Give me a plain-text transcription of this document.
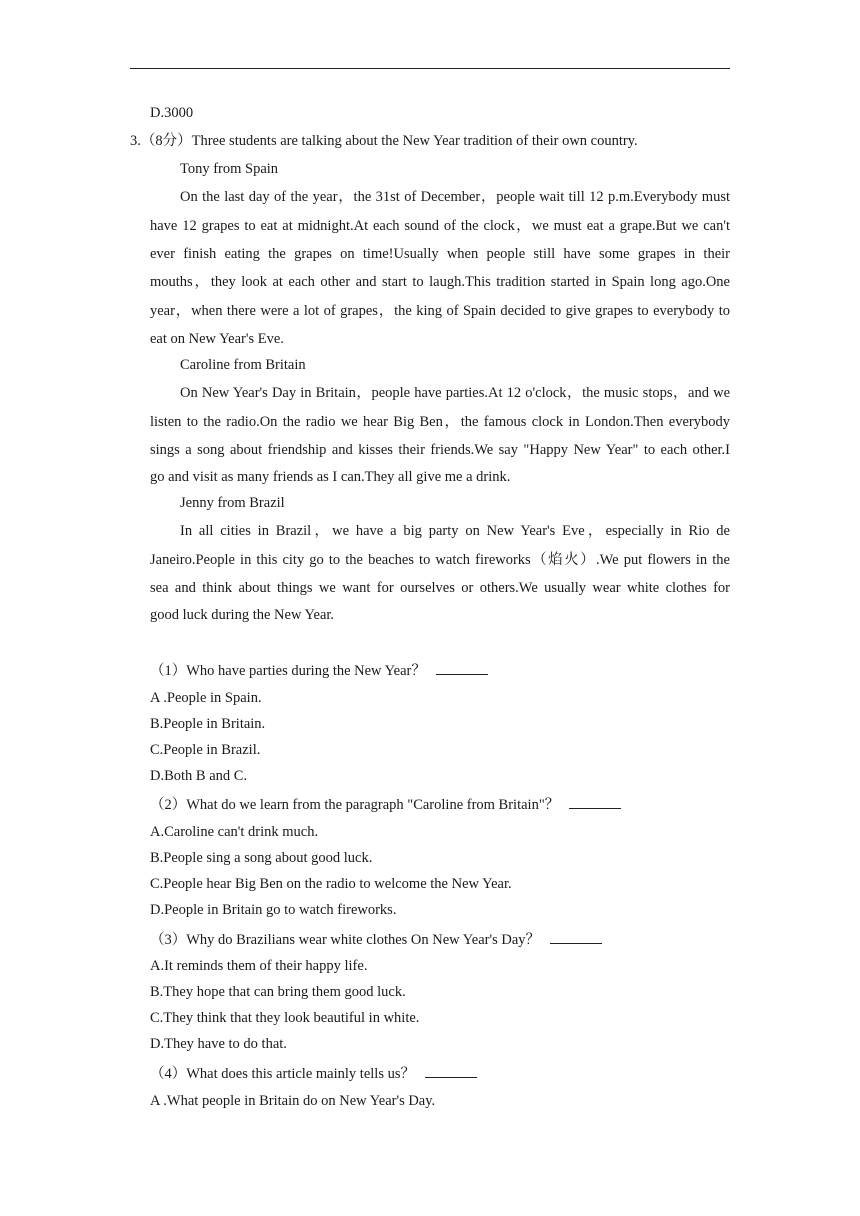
D.3000
3.（8分）Three students are talking about the New Year tradition of their own country.
Tony from Spain
On the last day of the year，the 31st of December，people wait till 12 p.m.Everybody must
have 12 grapes to eat at midnight.At each sound of the clock，we must eat a grape.But we can't
ever finish eating the grapes on time!Usually when people still have some grapes in their
mouths，they look at each other and start to laugh.This tradition started in Spain long ago.One
year，when there were a lot of grapes，the king of Spain decided to give grapes to everybody to
eat on New Year's Eve.
Caroline from Britain
On New Year's Day in Britain，people have parties.At 12 o'clock，the music stops，and we
listen to the radio.On the radio we hear Big Ben，the famous clock in London.Then everybody
sings a song about friendship and kisses their friends.We say "Happy New Year" to each other.I
go and visit as many friends as I can.They all give me a drink.
Jenny from Brazil
In all cities in Brazil，we have a big party on New Year's Eve，especially in Rio de
Janeiro.People in this city go to the beaches to watch fireworks（焰火）.We put flowers in the
sea and think about things we want for ourselves or others.We usually wear white clothes for
good luck during the New Year.
（1）Who have parties during the New Year？
A .People in Spain.
B.People in Britain.
C.People in Brazil.
D.Both B and C.
（2）What do we learn from the paragraph "Caroline from Britain"？
A.Caroline can't drink much.
B.People sing a song about good luck.
C.People hear Big Ben on the radio to welcome the New Year.
D.People in Britain go to watch fireworks.
（3）Why do Brazilians wear white clothes On New Year's Day？
A.It reminds them of their happy life.
B.They hope that can bring them good luck.
C.They think that they look beautiful in white.
D.They have to do that.
（4）What does this article mainly tells us？
A .What people in Britain do on New Year's Day.
